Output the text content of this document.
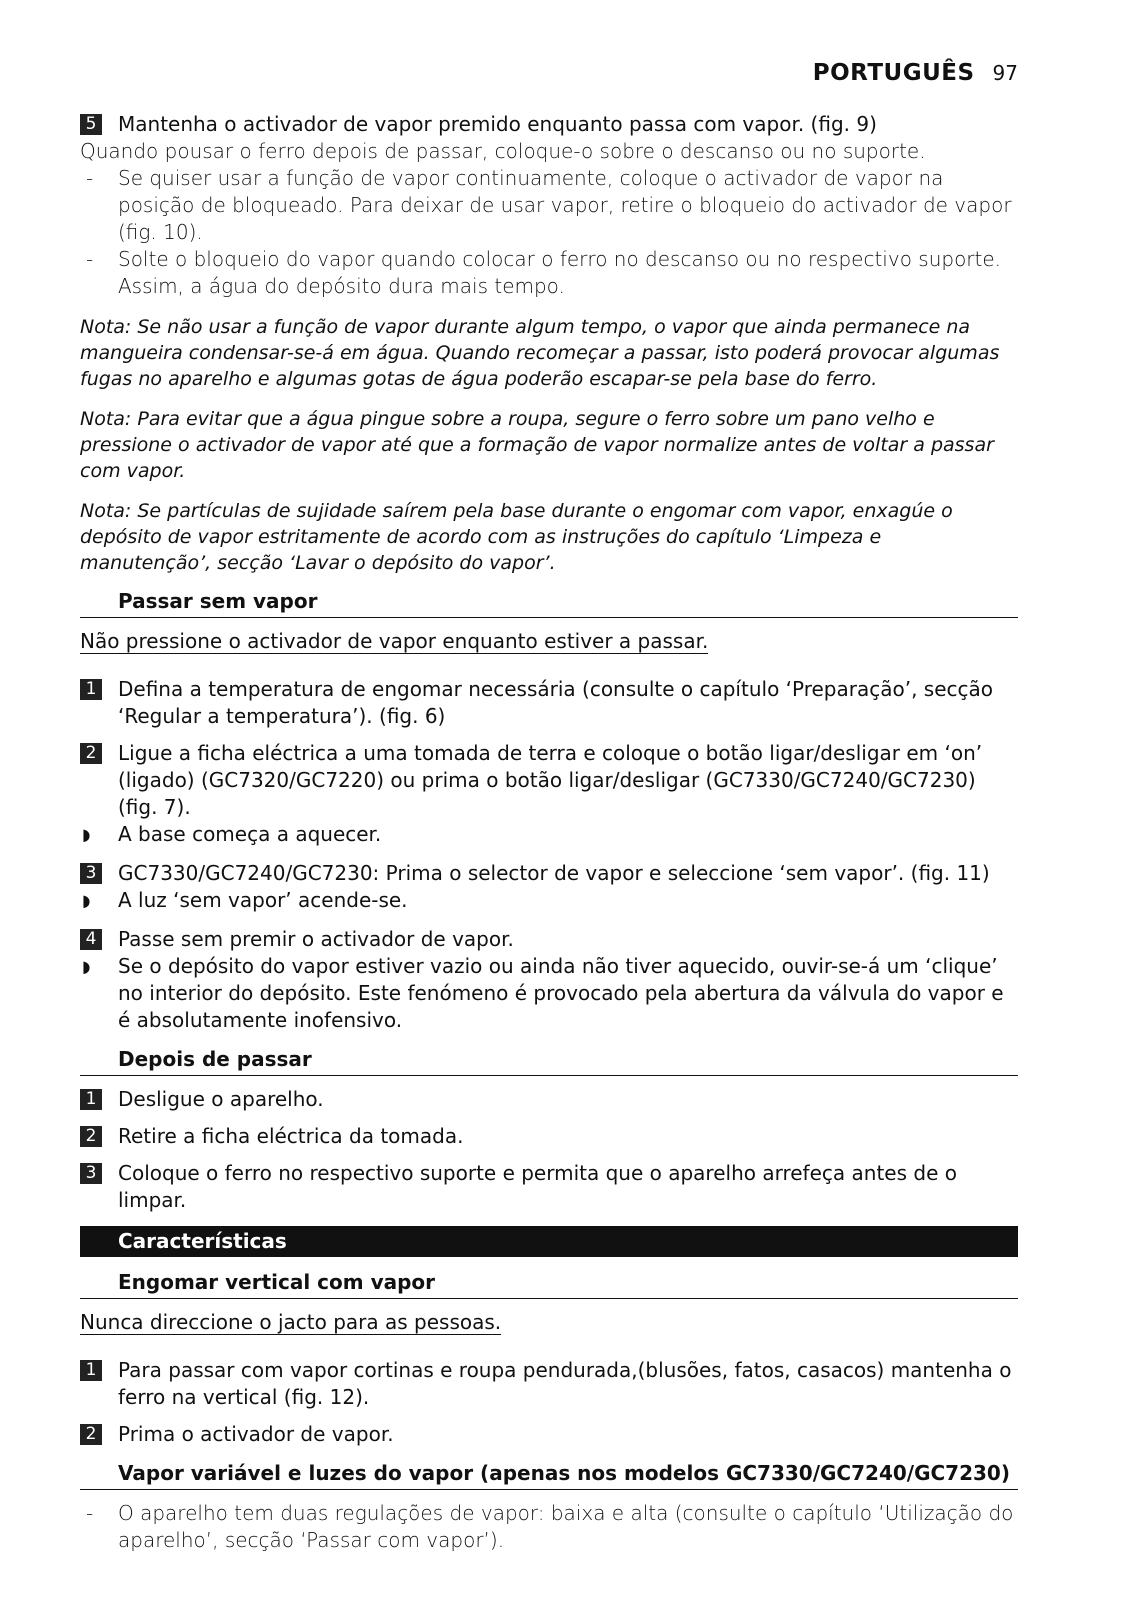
PORTUGUÊS 97
5 Mantenha o activador de vapor premido enquanto passa com vapor. (fig. 9)
Quando pousar o ferro depois de passar, coloque-o sobre o descanso ou no suporte.
- Se quiser usar a função de vapor continuamente, coloque o activador de vapor na posição de bloqueado. Para deixar de usar vapor, retire o bloqueio do activador de vapor (fig. 10).
- Solte o bloqueio do vapor quando colocar o ferro no descanso ou no respectivo suporte. Assim, a água do depósito dura mais tempo.
Nota: Se não usar a função de vapor durante algum tempo, o vapor que ainda permanece na mangueira condensar-se-á em água. Quando recomeçar a passar, isto poderá provocar algumas fugas no aparelho e algumas gotas de água poderão escapar-se pela base do ferro.
Nota: Para evitar que a água pingue sobre a roupa, segure o ferro sobre um pano velho e pressione o activador de vapor até que a formação de vapor normalize antes de voltar a passar com vapor.
Nota: Se partículas de sujidade saírem pela base durante o engomar com vapor, enxagúe o depósito de vapor estritamente de acordo com as instruções do capítulo ‘Limpeza e manutenção’, secção ‘Lavar o depósito do vapor’.
Passar sem vapor
Não pressione o activador de vapor enquanto estiver a passar.
1 Defina a temperatura de engomar necessária (consulte o capítulo ‘Preparação’, secção ‘Regular a temperatura’). (fig. 6)
2 Ligue a ficha eléctrica a uma tomada de terra e coloque o botão ligar/desligar em ‘on’ (ligado) (GC7320/GC7220) ou prima o botão ligar/desligar (GC7330/GC7240/GC7230) (fig. 7).
◗ A base começa a aquecer.
3 GC7330/GC7240/GC7230: Prima o selector de vapor e seleccione ‘sem vapor’. (fig. 11)
◗ A luz ‘sem vapor’ acende-se.
4 Passe sem premir o activador de vapor.
◗ Se o depósito do vapor estiver vazio ou ainda não tiver aquecido, ouvir-se-á um ‘clique’ no interior do depósito. Este fenómeno é provocado pela abertura da válvula do vapor e é absolutamente inofensivo.
Depois de passar
1 Desligue o aparelho.
2 Retire a ficha eléctrica da tomada.
3 Coloque o ferro no respectivo suporte e permita que o aparelho arrefeça antes de o limpar.
Características
Engomar vertical com vapor
Nunca direccione o jacto para as pessoas.
1 Para passar com vapor cortinas e roupa pendurada,(blusões, fatos, casacos) mantenha o ferro na vertical (fig. 12).
2 Prima o activador de vapor.
Vapor variável e luzes do vapor (apenas nos modelos GC7330/GC7240/GC7230)
- O aparelho tem duas regulações de vapor: baixa e alta (consulte o capítulo ‘Utilização do aparelho’, secção ‘Passar com vapor’).
